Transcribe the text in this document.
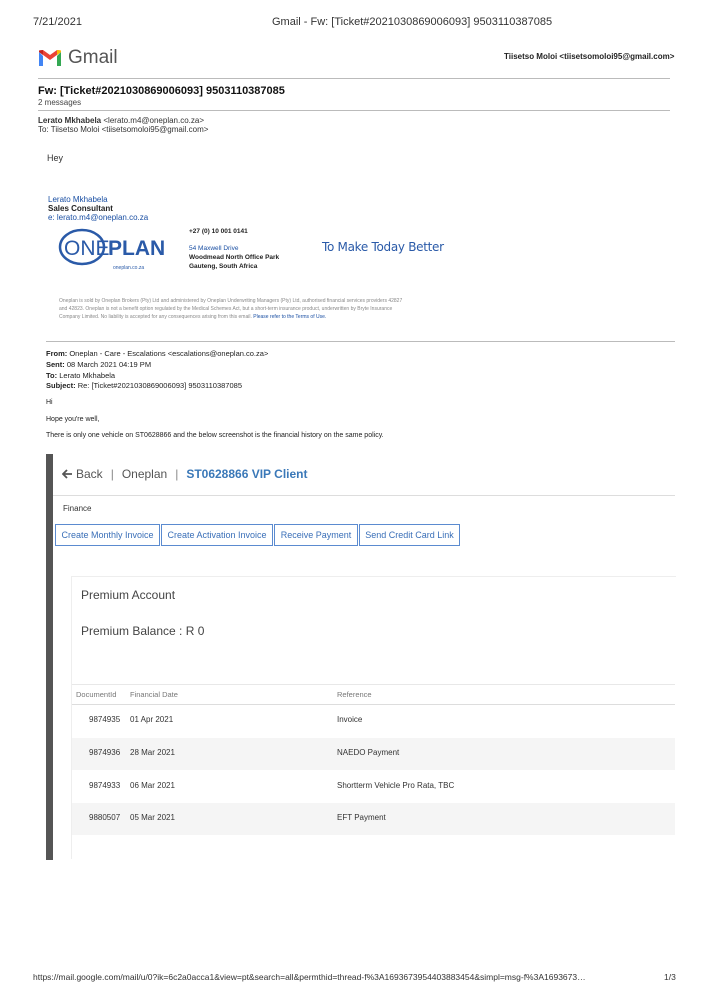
7/21/2021	Gmail - Fw: [Ticket#2021030869006093] 9503110387085
Gmail	Tiisetso Moloi <tiisetsomoloi95@gmail.com>
Fw: [Ticket#2021030869006093] 9503110387085
2 messages
Lerato Mkhabela <lerato.m4@oneplan.co.za>
To: Tiisetso Moloi <tiisetsomoloi95@gmail.com>
Hey
Lerato Mkhabela
Sales Consultant
e: lerato.m4@oneplan.co.za
ONE
PLAN
oneplan.co.za
+27 (0) 10 001 0141
54 Maxwell Drive
Woodmead North Office Park
Gauteng, South Africa
To Make Today Better
Oneplan is sold by Oneplan Brokers (Pty) Ltd and administered by Oneplan Underwriting Managers (Pty) Ltd, authorised financial services providers 42827
and 42823. Oneplan is not a benefit option regulated by the Medical Schemes Act, but a short-term insurance product, underwritten by Bryte Insurance
Company Limited. No liability is accepted for any consequences arising from this email. Please refer to the Terms of Use.
From: Oneplan - Care - Escalations <escalations@oneplan.co.za>
Sent: 08 March 2021 04:19 PM
To: Lerato Mkhabela
Subject: Re: [Ticket#2021030869006093] 9503110387085
Hi
Hope you're well,
There is only one vehicle on ST0628866 and the below screenshot is the financial history on the same policy.
Back | Oneplan | ST0628866 VIP Client
Finance
Create Monthly Invoice	Create Activation Invoice	Receive Payment	Send Credit Card Link
Premium Account
Premium Balance : R 0
DocumentId Financial Date	Reference
9874935 01 Apr 2021	Invoice
9874936 28 Mar 2021	NAEDO Payment
9874933 06 Mar 2021	Shortterm Vehicle Pro Rata, TBC
9880507 05 Mar 2021	EFT Payment
https://mail.google.com/mail/u/0?ik=6c2a0acca1&view=pt&search=all&permthid=thread-f%3A1693673954403883454&simpl=msg-f%3A1693673…	1/3
